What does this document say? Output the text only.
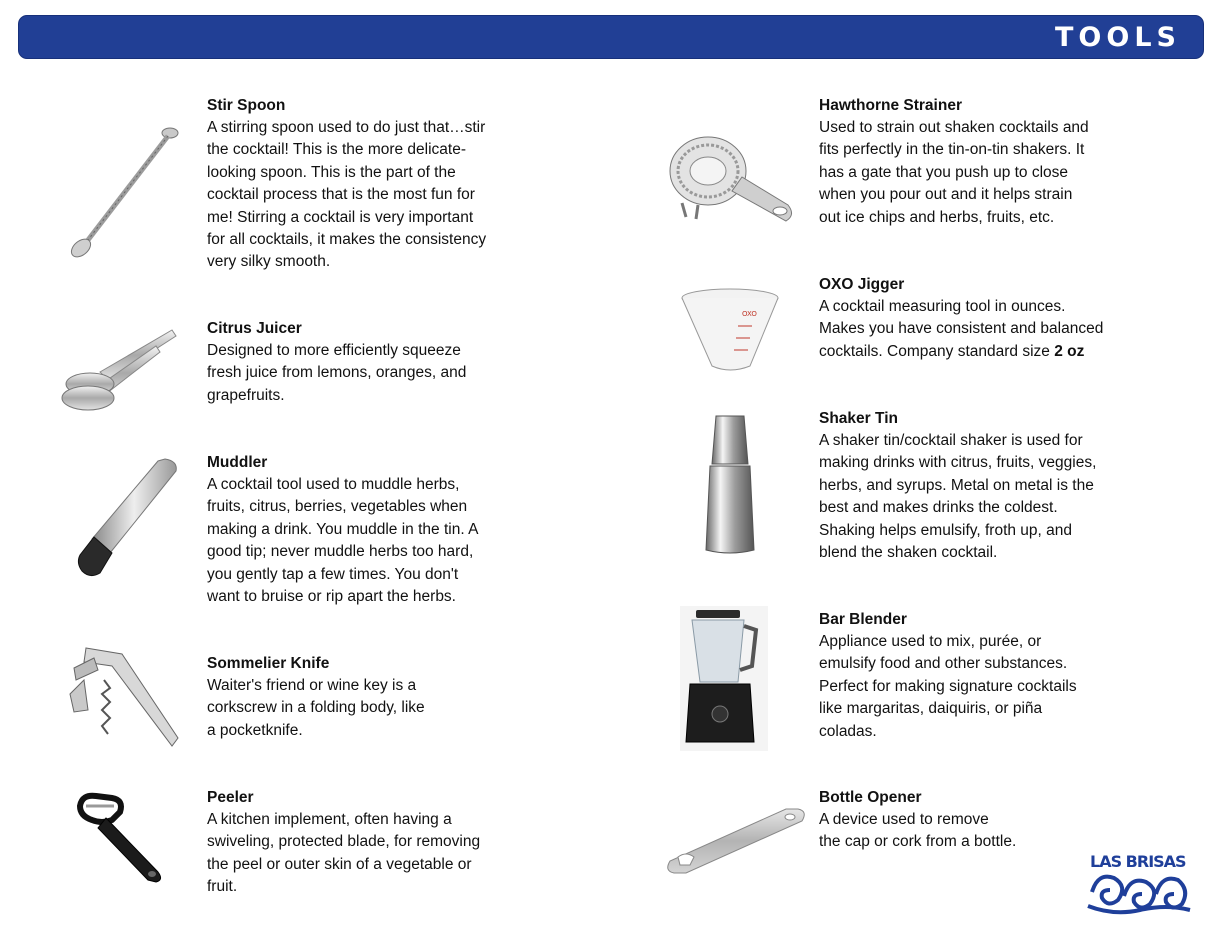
TOOLS
Stir Spoon
A stirring spoon used to do just that…stir
the cocktail! This is the more delicate-
looking spoon. This is the part of the
cocktail process that is the most fun for
me! Stirring a cocktail is very important
for all cocktails, it makes the consistency
very silky smooth.
Citrus Juicer
Designed to more efficiently squeeze
fresh juice from lemons, oranges, and
grapefruits.
Muddler
A cocktail tool used to muddle herbs,
fruits, citrus, berries, vegetables when
making a drink. You muddle in the tin. A
good tip; never muddle herbs too hard,
you gently tap a few times. You don't
want to bruise or rip apart the herbs.
Sommelier Knife
Waiter's friend or wine key is a
corkscrew in a folding body, like
a pocketknife.
Peeler
A kitchen implement, often having a
swiveling, protected blade, for removing
the peel or outer skin of a vegetable or
fruit.
Hawthorne Strainer
Used to strain out shaken cocktails and
fits perfectly in the tin-on-tin shakers. It
has a gate that you push up to close
when you pour out and it helps strain
out ice chips and herbs, fruits, etc.
OXO
OXO Jigger
A cocktail measuring tool in ounces.
Makes you have consistent and balanced
cocktails. Company standard size 2 oz
Shaker Tin
A shaker tin/cocktail shaker is used for
making drinks with citrus, fruits, veggies,
herbs, and syrups. Metal on metal is the
best and makes drinks the coldest.
Shaking helps emulsify, froth up, and
blend the shaken cocktail.
Bar Blender
Appliance used to mix, purée, or
emulsify food and other substances.
Perfect for making signature cocktails
like margaritas, daiquiris, or piña
coladas.
Bottle Opener
A device used to remove
the cap or cork from a bottle.
LAS BRISAS
